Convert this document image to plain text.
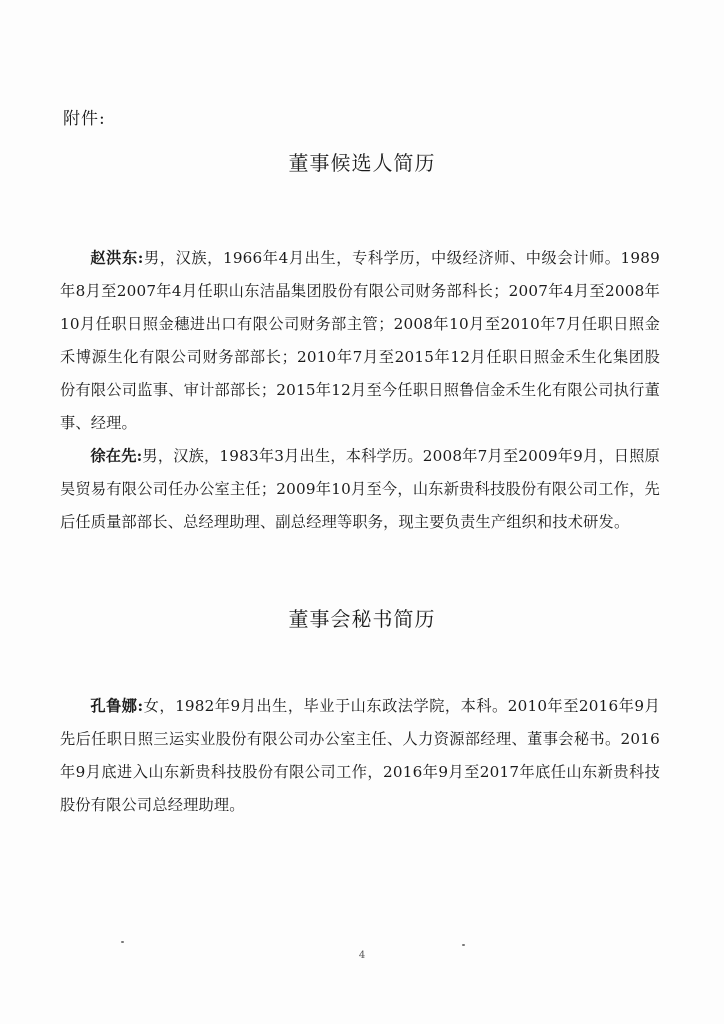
附件:
董事候选人简历

赵洪东:男，汉族，1966年4月出生，专科学历，中级经济师、中级会计师。1989年8月至2007年4月任职山东洁晶集团股份有限公司财务部科长；2007年4月至2008年10月任职日照金穗进出口有限公司财务部主管；2008年10月至2010年7月任职日照金禾博源生化有限公司财务部部长；2010年7月至2015年12月任职日照金禾生化集团股份有限公司监事、审计部部长；2015年12月至今任职日照鲁信金禾生化有限公司执行董事、经理。

徐在先:男，汉族，1983年3月出生，本科学历。2008年7月至2009年9月，日照原昊贸易有限公司任办公室主任；2009年10月至今，山东新贵科技股份有限公司工作，先后任质量部部长、总经理助理、副总经理等职务，现主要负责生产组织和技术研发。

董事会秘书简历

孔鲁娜:女，1982年9月出生，毕业于山东政法学院，本科。2010年至2016年9月先后任职日照三运实业股份有限公司办公室主任、人力资源部经理、董事会秘书。2016年9月底进入山东新贵科技股份有限公司工作，2016年9月至2017年底任山东新贵科技股份有限公司总经理助理。

4
